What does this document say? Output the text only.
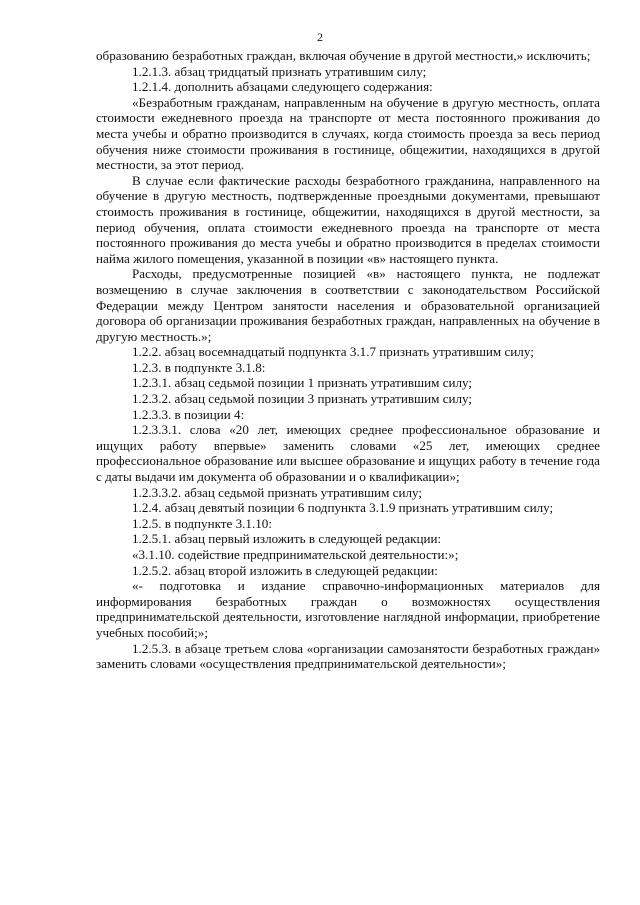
2

образованию безработных граждан, включая обучение в другой местности,» исключить;

1.2.1.3. абзац тридцатый признать утратившим силу;

1.2.1.4. дополнить абзацами следующего содержания:

«Безработным гражданам, направленным на обучение в другую местность, оплата стоимости ежедневного проезда на транспорте от места постоянного проживания до места учебы и обратно производится в случаях, когда стоимость проезда за весь период обучения ниже стоимости проживания в гостинице, общежитии, находящихся в другой местности, за этот период.

В случае если фактические расходы безработного гражданина, направленного на обучение в другую местность, подтвержденные проездными документами, превышают стоимость проживания в гостинице, общежитии, находящихся в другой местности, за период обучения, оплата стоимости ежедневного проезда на транспорте от места постоянного проживания до места учебы и обратно производится в пределах стоимости найма жилого помещения, указанной в позиции «в» настоящего пункта.

Расходы, предусмотренные позицией «в» настоящего пункта, не подлежат возмещению в случае заключения в соответствии с законодательством Российской Федерации между Центром занятости населения и образовательной организацией договора об организации проживания безработных граждан, направленных на обучение в другую местность.»;

1.2.2. абзац восемнадцатый подпункта 3.1.7 признать утратившим силу;

1.2.3. в подпункте 3.1.8:

1.2.3.1. абзац седьмой позиции 1 признать утратившим силу;

1.2.3.2. абзац седьмой позиции 3 признать утратившим силу;

1.2.3.3. в позиции 4:

1.2.3.3.1. слова «20 лет, имеющих среднее профессиональное образование и ищущих работу впервые» заменить словами «25 лет, имеющих среднее профессиональное образование или высшее образование и ищущих работу в течение года с даты выдачи им документа об образовании и о квалификации»;

1.2.3.3.2. абзац седьмой признать утратившим силу;

1.2.4. абзац девятый позиции 6 подпункта 3.1.9 признать утратившим силу;

1.2.5. в подпункте 3.1.10:

1.2.5.1. абзац первый изложить в следующей редакции:

«3.1.10. содействие предпринимательской деятельности:»;

1.2.5.2. абзац второй изложить в следующей редакции:

«- подготовка и издание справочно-информационных материалов для информирования безработных граждан о возможностях осуществления предпринимательской деятельности, изготовление наглядной информации, приобретение учебных пособий;»;

1.2.5.3. в абзаце третьем слова «организации самозанятости безработных граждан» заменить словами «осуществления предпринимательской деятельности»;
